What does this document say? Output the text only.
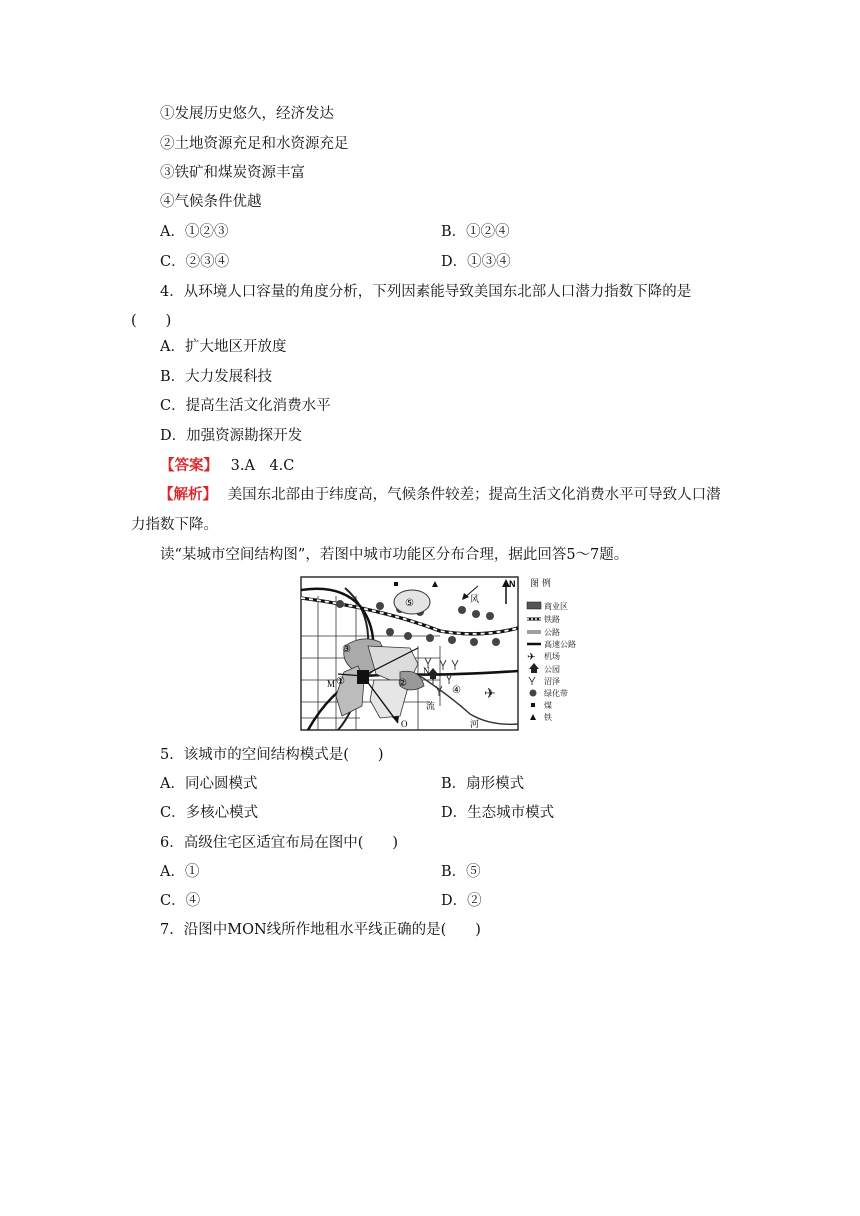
①发展历史悠久，经济发达
②土地资源充足和水资源充足
③铁矿和煤炭资源丰富
④气候条件优越
A．①②③	B．①②④
C．②③④	D．①③④
4．从环境人口容量的角度分析，下列因素能导致美国东北部人口潜力指数下降的是
(　　)
A．扩大地区开放度
B．大力发展科技
C．提高生活文化消费水平
D．加强资源勘探开发
【答案】 3.A　4.C
【解析】 美国东北部由于纬度高，气候条件较差；提高生活文化消费水平可导致人口潜力指数下降。
读“某城市空间结构图”，若图中城市功能区分布合理，据此回答5～7题。
✈
N
风
⑤
③
①	②
④
M
N
O
流
河
图 例
商业区
铁路
公路
高速公路
✈ 机场
公园
沼泽
绿化带
煤
铁
5．该城市的空间结构模式是(　　)
A．同心圆模式	B．扇形模式
C．多核心模式	D．生态城市模式
6．高级住宅区适宜布局在图中(　　)
A．①	B．⑤
C．④	D．②
7．沿图中MON线所作地租水平线正确的是(　　)
